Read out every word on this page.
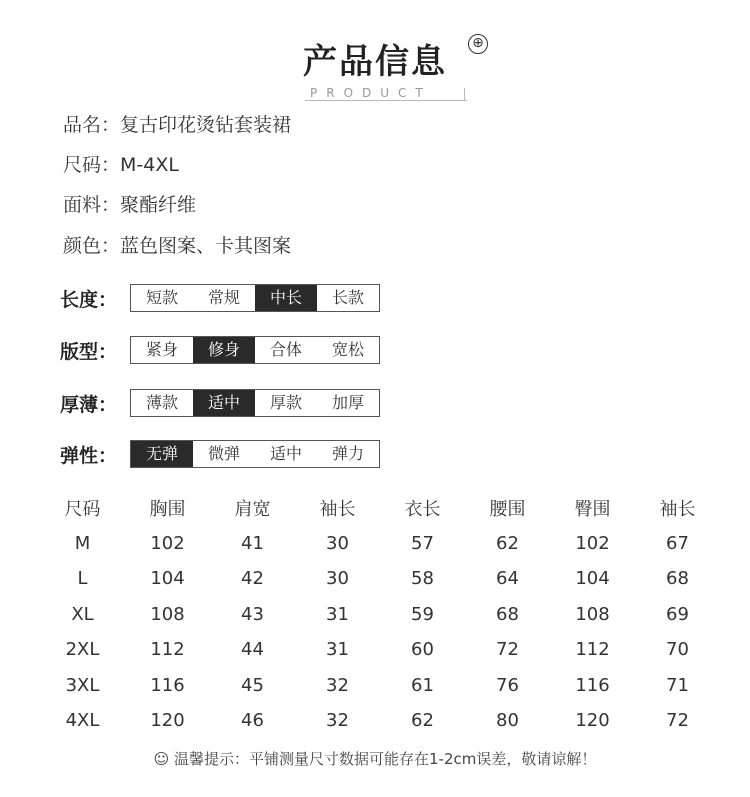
产品信息	⊕
PRODUCT
品名：复古印花烫钻套装裙
尺码：M-4XL
面料：聚酯纤维
颜色：蓝色图案、卡其图案
长度：	短款	常规	中长	长款
版型：	紧身	修身	合体	宽松
厚薄：	薄款	适中	厚款	加厚
弹性：	无弹	微弹	适中	弹力
尺码	胸围	肩宽	袖长	衣长	腰围	臀围	袖长
M	102	41	30	57	62	102	67
L	104	42	30	58	64	104	68
XL	108	43	31	59	68	108	69
2XL	112	44	31	60	72	112	70
3XL	116	45	32	61	76	116	71
4XL	120	46	32	62	80	120	72
☺ 温馨提示：平铺测量尺寸数据可能存在1-2cm误差，敬请谅解！
